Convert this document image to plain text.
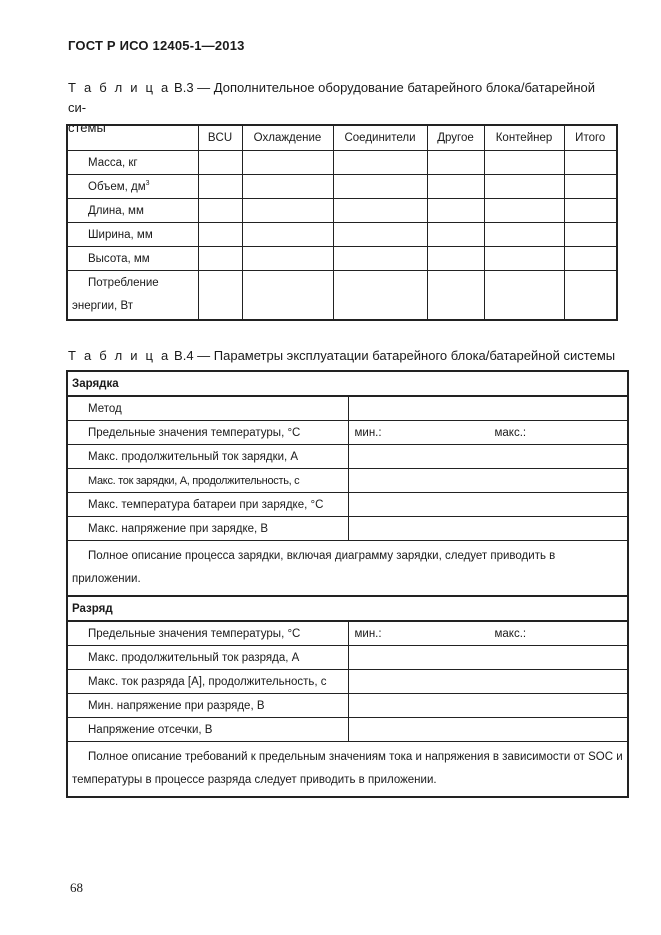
ГОСТ Р ИСО 12405-1—2013
Т а б л и ц а В.3 — Дополнительное оборудование батарейного блока/батарейной си-
стемы
	BCU	Охлаждение	Соединители	Другое	Контейнер	Итого
Масса, кг						
Объем, $дм^3$						
Длина, мм						
Ширина, мм						
Высота, мм						

Потребление
энергии, Вт						
Т а б л и ц а В.4 — Параметры эксплуатации батарейного блока/батарейной системы
Зарядка	
Метод	
Предельные значения температуры, °С	мин.: макс.:

Макс. продолжительный ток зарядки, А	
Макс. ток зарядки, А, продолжительность, с	
Макс. температура батареи при зарядке, °С	
Макс. напряжение при зарядке, В	
Полное описание процесса зарядки, включая диаграмму зарядки, следует приводить в приложении.	
Разряд	
Предельные значения температуры, °С	мин.: макс.:

Макс. продолжительный ток разряда, А	
Макс. ток разряда [А], продолжительность, с	
Мин. напряжение при разряде, В	
Напряжение отсечки, В	
Полное описание требований к предельным значениям тока и напряжения в зависимости от SOC и температуры в процессе разряда следует приводить в приложении.	
68
